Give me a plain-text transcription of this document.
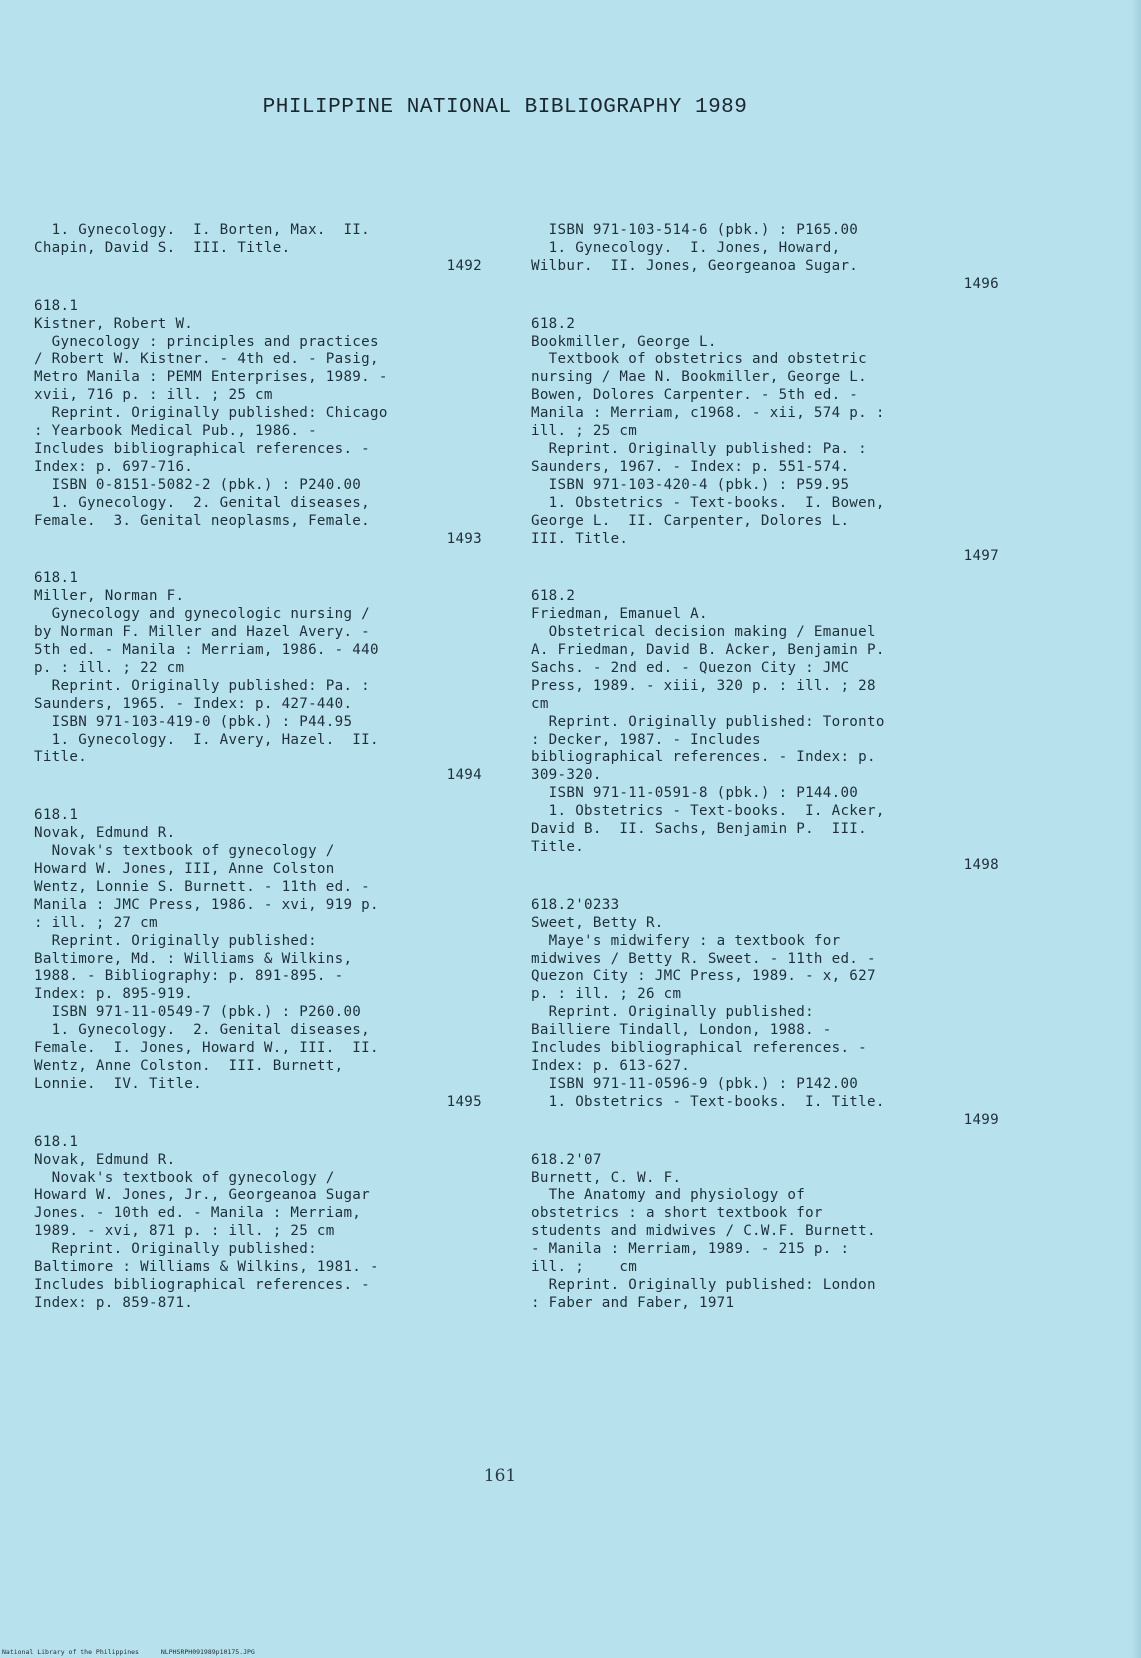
PHILIPPINE NATIONAL BIBLIOGRAPHY 1989
1. Gynecology.  I. Borten, Max.  II.
Chapin, David S.  III. Title.
1492
618.1
Kistner, Robert W.
Gynecology : principles and practices
/ Robert W. Kistner. - 4th ed. - Pasig,
Metro Manila : PEMM Enterprises, 1989. -
xvii, 716 p. : ill. ; 25 cm
Reprint. Originally published: Chicago
: Yearbook Medical Pub., 1986. -
Includes bibliographical references. -
Index: p. 697-716.
ISBN 0-8151-5082-2 (pbk.) : P240.00
1. Gynecology.  2. Genital diseases,
Female.  3. Genital neoplasms, Female.
1493
618.1
Miller, Norman F.
Gynecology and gynecologic nursing /
by Norman F. Miller and Hazel Avery. -
5th ed. - Manila : Merriam, 1986. - 440
p. : ill. ; 22 cm
Reprint. Originally published: Pa. :
Saunders, 1965. - Index: p. 427-440.
ISBN 971-103-419-0 (pbk.) : P44.95
1. Gynecology.  I. Avery, Hazel.  II.
Title.
1494
618.1
Novak, Edmund R.
Novak's textbook of gynecology /
Howard W. Jones, III, Anne Colston
Wentz, Lonnie S. Burnett. - 11th ed. -
Manila : JMC Press, 1986. - xvi, 919 p.
: ill. ; 27 cm
Reprint. Originally published:
Baltimore, Md. : Williams & Wilkins,
1988. - Bibliography: p. 891-895. -
Index: p. 895-919.
ISBN 971-11-0549-7 (pbk.) : P260.00
1. Gynecology.  2. Genital diseases,
Female.  I. Jones, Howard W., III.  II.
Wentz, Anne Colston.  III. Burnett,
Lonnie.  IV. Title.
1495
618.1
Novak, Edmund R.
Novak's textbook of gynecology /
Howard W. Jones, Jr., Georgeanoa Sugar
Jones. - 10th ed. - Manila : Merriam,
1989. - xvi, 871 p. : ill. ; 25 cm
Reprint. Originally published:
Baltimore : Williams & Wilkins, 1981. -
Includes bibliographical references. -
Index: p. 859-871.
ISBN 971-103-514-6 (pbk.) : P165.00
1. Gynecology.  I. Jones, Howard,
Wilbur.  II. Jones, Georgeanoa Sugar.
1496
618.2
Bookmiller, George L.
Textbook of obstetrics and obstetric
nursing / Mae N. Bookmiller, George L.
Bowen, Dolores Carpenter. - 5th ed. -
Manila : Merriam, c1968. - xii, 574 p. :
ill. ; 25 cm
Reprint. Originally published: Pa. :
Saunders, 1967. - Index: p. 551-574.
ISBN 971-103-420-4 (pbk.) : P59.95
1. Obstetrics - Text-books.  I. Bowen,
George L.  II. Carpenter, Dolores L.
III. Title.
1497
618.2
Friedman, Emanuel A.
Obstetrical decision making / Emanuel
A. Friedman, David B. Acker, Benjamin P.
Sachs. - 2nd ed. - Quezon City : JMC
Press, 1989. - xiii, 320 p. : ill. ; 28
cm
Reprint. Originally published: Toronto
: Decker, 1987. - Includes
bibliographical references. - Index: p.
309-320.
ISBN 971-11-0591-8 (pbk.) : P144.00
1. Obstetrics - Text-books.  I. Acker,
David B.  II. Sachs, Benjamin P.  III.
Title.
1498
618.2'0233
Sweet, Betty R.
Maye's midwifery : a textbook for
midwives / Betty R. Sweet. - 11th ed. -
Quezon City : JMC Press, 1989. - x, 627
p. : ill. ; 26 cm
Reprint. Originally published:
Bailliere Tindall, London, 1988. -
Includes bibliographical references. -
Index: p. 613-627.
ISBN 971-11-0596-9 (pbk.) : P142.00
1. Obstetrics - Text-books.  I. Title.
1499
618.2'07
Burnett, C. W. F.
The Anatomy and physiology of
obstetrics : a short textbook for
students and midwives / C.W.F. Burnett.
- Manila : Merriam, 1989. - 215 p. :
ill. ;    cm
Reprint. Originally published: London
: Faber and Faber, 1971
161
National Library of the Philippines	NLPHSRPH091989p10175.JPG
